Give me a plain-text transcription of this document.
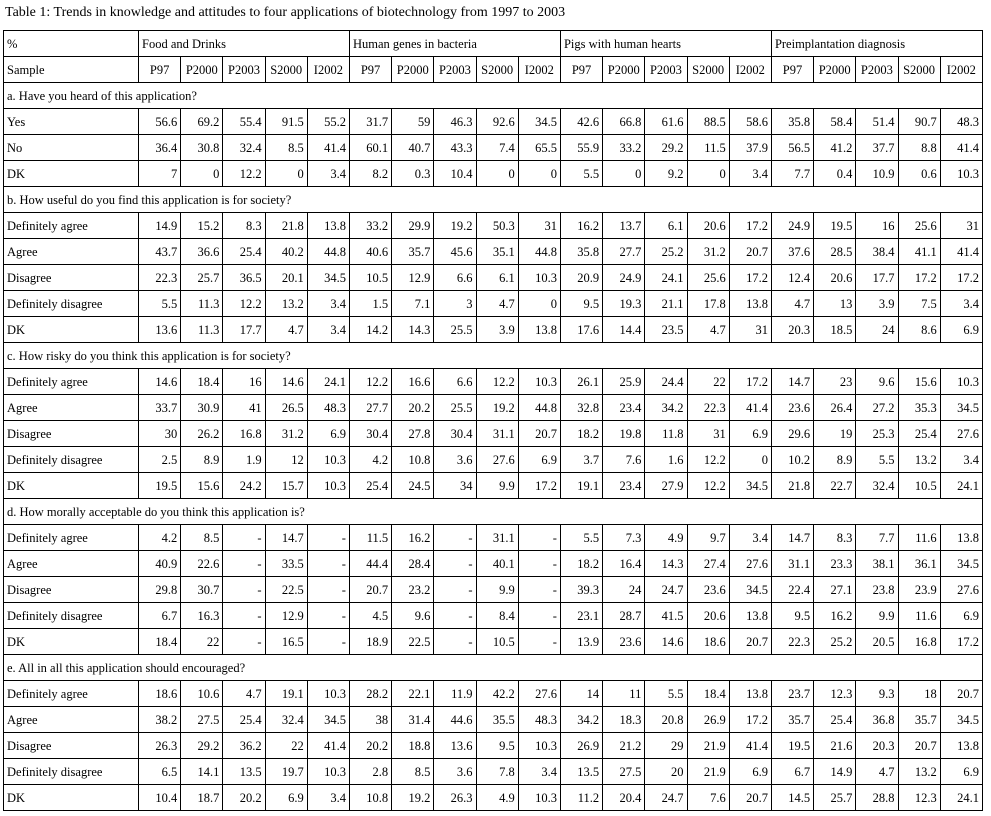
Table 1: Trends in knowledge and attitudes to four applications of biotechnology from 1997 to 2003
%	Food and Drinks					Human genes in bacteria					Pigs with human hearts					Preimplantation diagnosis				
Sample	P97	P2000	P2003	S2000	I2002	P97	P2000	P2003	S2000	I2002	P97	P2000	P2003	S2000	I2002	P97	P2000	P2003	S2000	I2002
a. Have you heard of this application?																				
Yes	56.6	69.2	55.4	91.5	55.2	31.7	59	46.3	92.6	34.5	42.6	66.8	61.6	88.5	58.6	35.8	58.4	51.4	90.7	48.3
No	36.4	30.8	32.4	8.5	41.4	60.1	40.7	43.3	7.4	65.5	55.9	33.2	29.2	11.5	37.9	56.5	41.2	37.7	8.8	41.4
DK	7	0	12.2	0	3.4	8.2	0.3	10.4	0	0	5.5	0	9.2	0	3.4	7.7	0.4	10.9	0.6	10.3
b. How useful do you find this application is for society?																				
Definitely agree	14.9	15.2	8.3	21.8	13.8	33.2	29.9	19.2	50.3	31	16.2	13.7	6.1	20.6	17.2	24.9	19.5	16	25.6	31
Agree	43.7	36.6	25.4	40.2	44.8	40.6	35.7	45.6	35.1	44.8	35.8	27.7	25.2	31.2	20.7	37.6	28.5	38.4	41.1	41.4
Disagree	22.3	25.7	36.5	20.1	34.5	10.5	12.9	6.6	6.1	10.3	20.9	24.9	24.1	25.6	17.2	12.4	20.6	17.7	17.2	17.2
Definitely disagree	5.5	11.3	12.2	13.2	3.4	1.5	7.1	3	4.7	0	9.5	19.3	21.1	17.8	13.8	4.7	13	3.9	7.5	3.4
DK	13.6	11.3	17.7	4.7	3.4	14.2	14.3	25.5	3.9	13.8	17.6	14.4	23.5	4.7	31	20.3	18.5	24	8.6	6.9
c. How risky do you think this application is for society?																				
Definitely agree	14.6	18.4	16	14.6	24.1	12.2	16.6	6.6	12.2	10.3	26.1	25.9	24.4	22	17.2	14.7	23	9.6	15.6	10.3
Agree	33.7	30.9	41	26.5	48.3	27.7	20.2	25.5	19.2	44.8	32.8	23.4	34.2	22.3	41.4	23.6	26.4	27.2	35.3	34.5
Disagree	30	26.2	16.8	31.2	6.9	30.4	27.8	30.4	31.1	20.7	18.2	19.8	11.8	31	6.9	29.6	19	25.3	25.4	27.6
Definitely disagree	2.5	8.9	1.9	12	10.3	4.2	10.8	3.6	27.6	6.9	3.7	7.6	1.6	12.2	0	10.2	8.9	5.5	13.2	3.4
DK	19.5	15.6	24.2	15.7	10.3	25.4	24.5	34	9.9	17.2	19.1	23.4	27.9	12.2	34.5	21.8	22.7	32.4	10.5	24.1
d. How morally acceptable do you think this application is?																				
Definitely agree	4.2	8.5	-	14.7	-	11.5	16.2	-	31.1	-	5.5	7.3	4.9	9.7	3.4	14.7	8.3	7.7	11.6	13.8
Agree	40.9	22.6	-	33.5	-	44.4	28.4	-	40.1	-	18.2	16.4	14.3	27.4	27.6	31.1	23.3	38.1	36.1	34.5
Disagree	29.8	30.7	-	22.5	-	20.7	23.2	-	9.9	-	39.3	24	24.7	23.6	34.5	22.4	27.1	23.8	23.9	27.6
Definitely disagree	6.7	16.3	-	12.9	-	4.5	9.6	-	8.4	-	23.1	28.7	41.5	20.6	13.8	9.5	16.2	9.9	11.6	6.9
DK	18.4	22	-	16.5	-	18.9	22.5	-	10.5	-	13.9	23.6	14.6	18.6	20.7	22.3	25.2	20.5	16.8	17.2
e. All in all this application should encouraged?																				
Definitely agree	18.6	10.6	4.7	19.1	10.3	28.2	22.1	11.9	42.2	27.6	14	11	5.5	18.4	13.8	23.7	12.3	9.3	18	20.7
Agree	38.2	27.5	25.4	32.4	34.5	38	31.4	44.6	35.5	48.3	34.2	18.3	20.8	26.9	17.2	35.7	25.4	36.8	35.7	34.5
Disagree	26.3	29.2	36.2	22	41.4	20.2	18.8	13.6	9.5	10.3	26.9	21.2	29	21.9	41.4	19.5	21.6	20.3	20.7	13.8
Definitely disagree	6.5	14.1	13.5	19.7	10.3	2.8	8.5	3.6	7.8	3.4	13.5	27.5	20	21.9	6.9	6.7	14.9	4.7	13.2	6.9
DK	10.4	18.7	20.2	6.9	3.4	10.8	19.2	26.3	4.9	10.3	11.2	20.4	24.7	7.6	20.7	14.5	25.7	28.8	12.3	24.1
